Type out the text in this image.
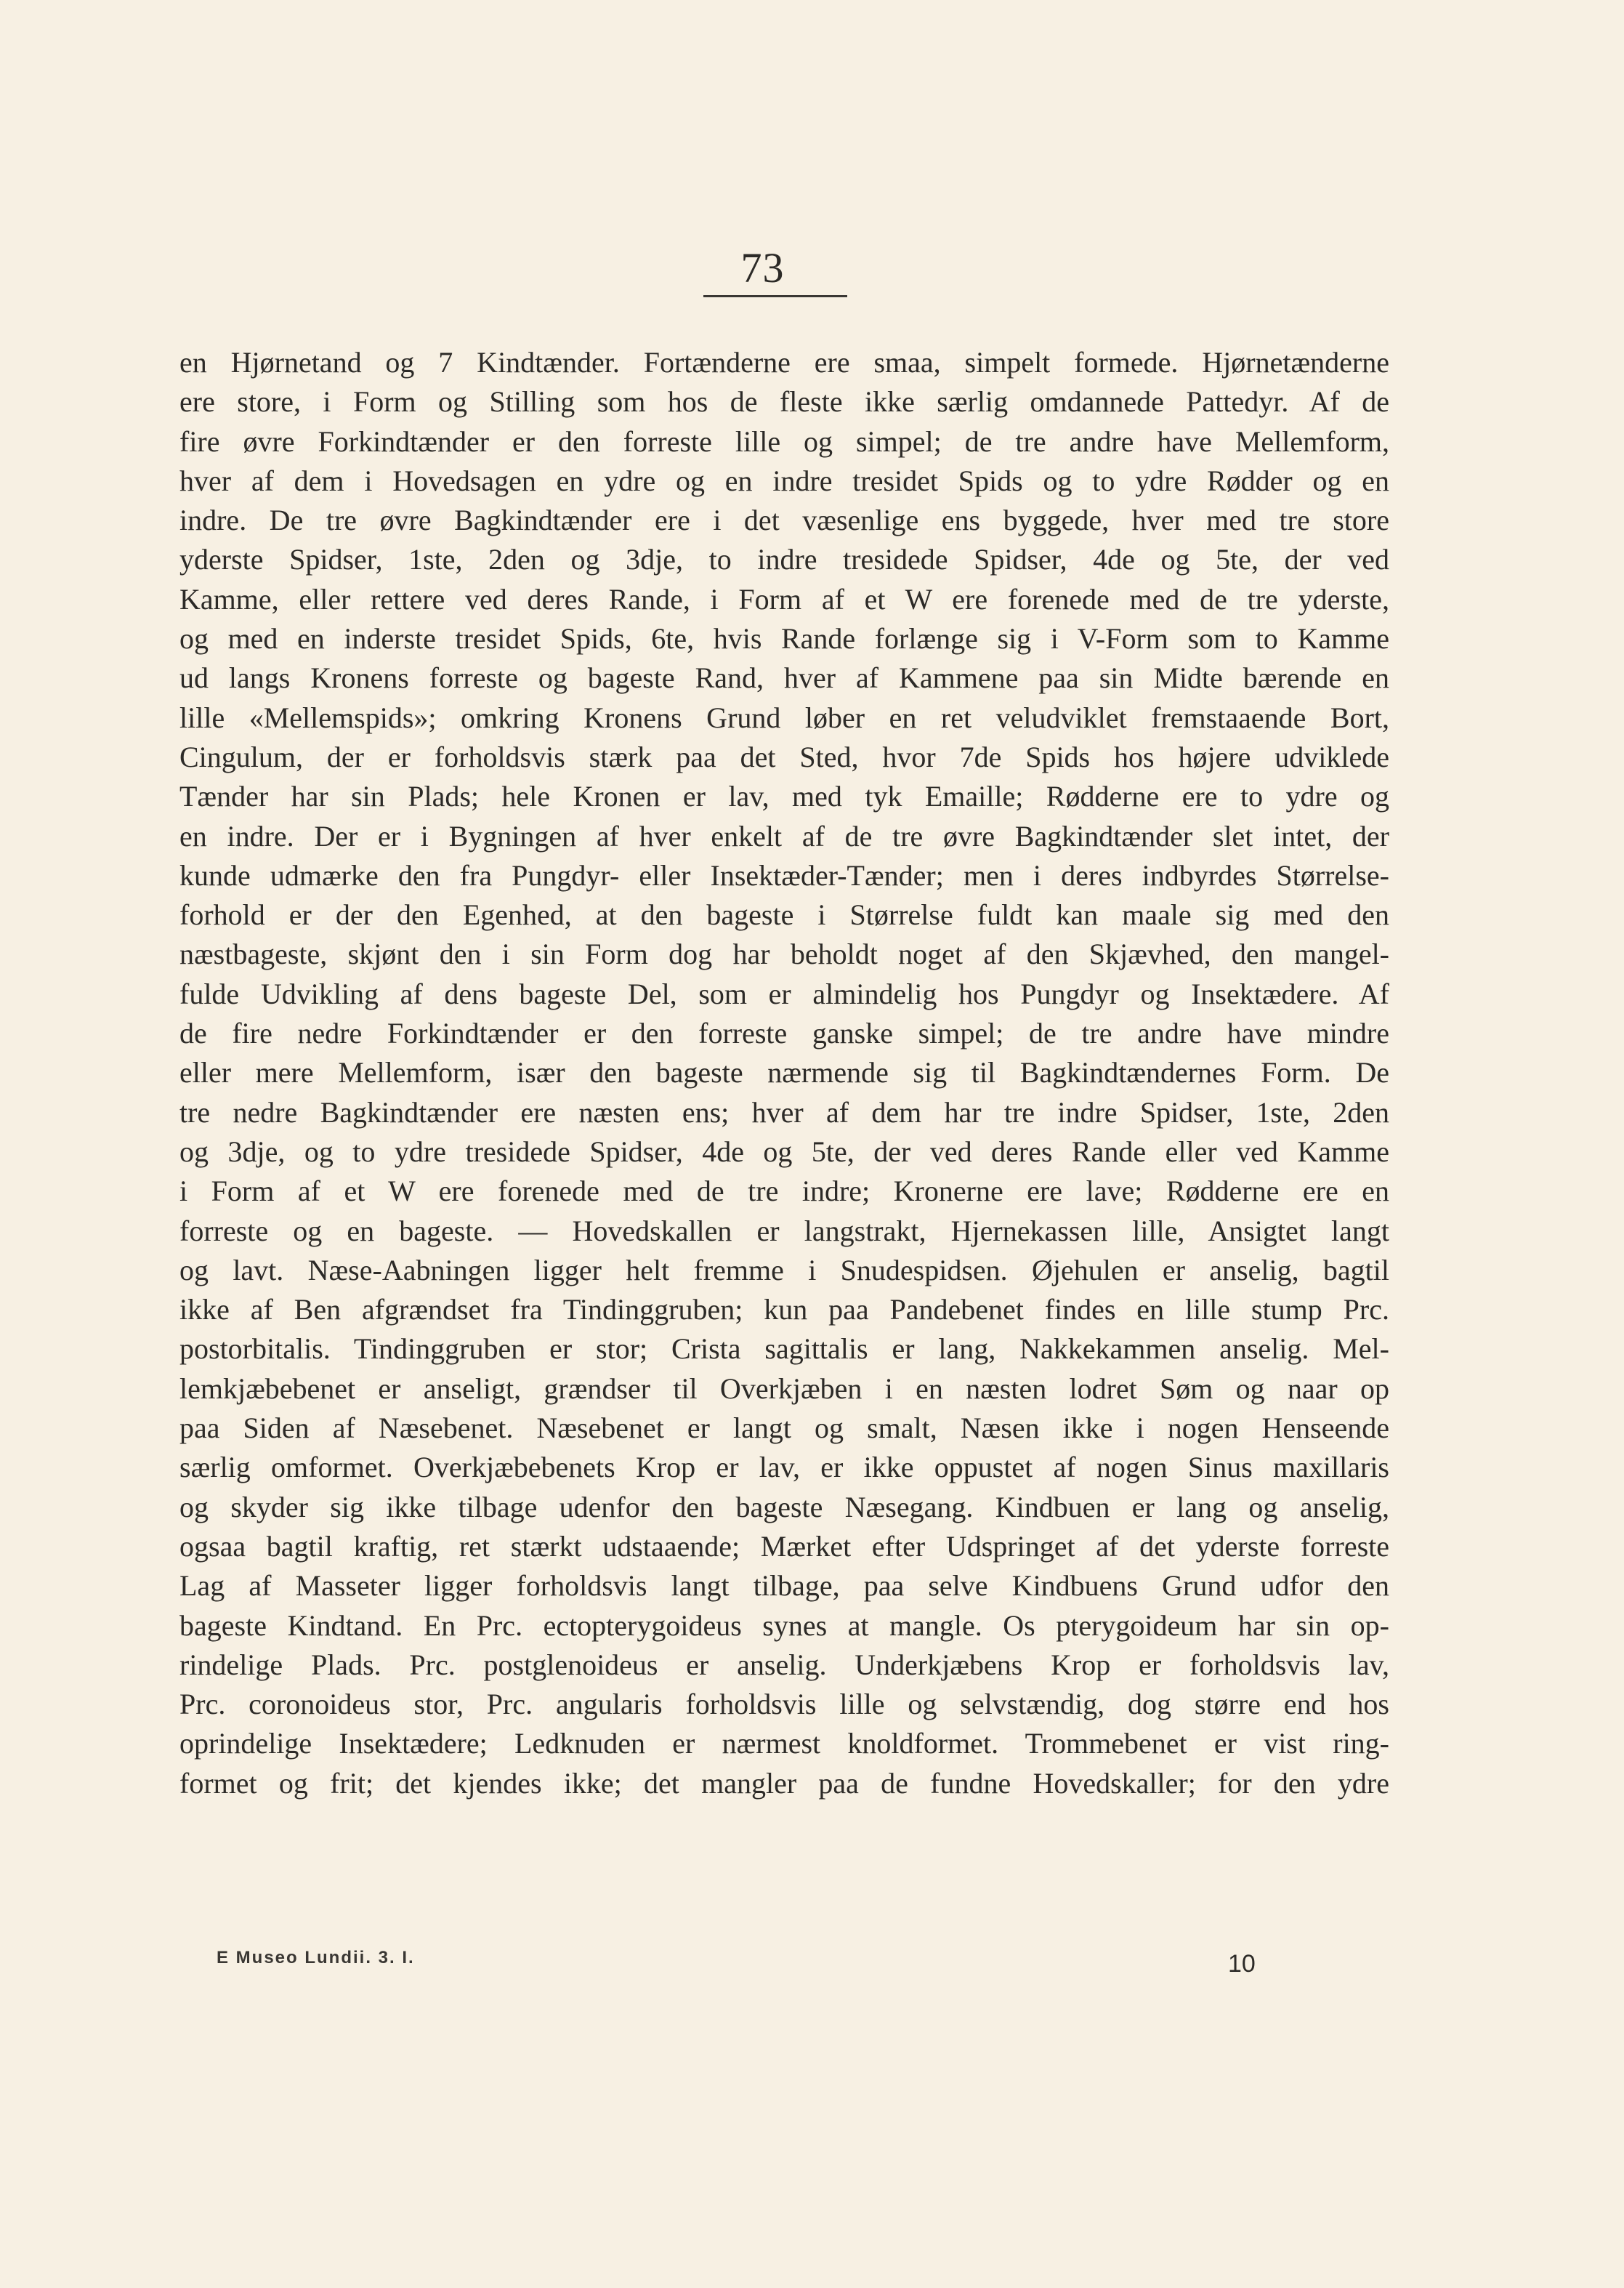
73
en Hjørnetand og 7 Kindtænder. Fortænderne ere smaa, simpelt formede. Hjørnetænderne
ere store, i Form og Stilling som hos de fleste ikke særlig omdannede Pattedyr. Af de
fire øvre Forkindtænder er den forreste lille og simpel; de tre andre have Mellemform,
hver af dem i Hovedsagen en ydre og en indre tresidet Spids og to ydre Rødder og en
indre. De tre øvre Bagkindtænder ere i det væsenlige ens byggede, hver med tre store
yderste Spidser, 1ste, 2den og 3dje, to indre tresidede Spidser, 4de og 5te, der ved
Kamme, eller rettere ved deres Rande, i Form af et W ere forenede med de tre yderste,
og med en inderste tresidet Spids, 6te, hvis Rande forlænge sig i V-Form som to Kamme
ud langs Kronens forreste og bageste Rand, hver af Kammene paa sin Midte bærende en
lille «Mellemspids»; omkring Kronens Grund løber en ret veludviklet fremstaaende Bort,
Cingulum, der er forholdsvis stærk paa det Sted, hvor 7de Spids hos højere udviklede
Tænder har sin Plads; hele Kronen er lav, med tyk Emaille; Rødderne ere to ydre og
en indre. Der er i Bygningen af hver enkelt af de tre øvre Bagkindtænder slet intet, der
kunde udmærke den fra Pungdyr- eller Insektæder-Tænder; men i deres indbyrdes Størrelse-
forhold er der den Egenhed, at den bageste i Størrelse fuldt kan maale sig med den
næstbageste, skjønt den i sin Form dog har beholdt noget af den Skjævhed, den mangel-
fulde Udvikling af dens bageste Del, som er almindelig hos Pungdyr og Insektædere. Af
de fire nedre Forkindtænder er den forreste ganske simpel; de tre andre have mindre
eller mere Mellemform, især den bageste nærmende sig til Bagkindtændernes Form. De
tre nedre Bagkindtænder ere næsten ens; hver af dem har tre indre Spidser, 1ste, 2den
og 3dje, og to ydre tresidede Spidser, 4de og 5te, der ved deres Rande eller ved Kamme
i Form af et W ere forenede med de tre indre; Kronerne ere lave; Rødderne ere en
forreste og en bageste. — Hovedskallen er langstrakt, Hjernekassen lille, Ansigtet langt
og lavt. Næse-Aabningen ligger helt fremme i Snudespidsen. Øjehulen er anselig, bagtil
ikke af Ben afgrændset fra Tindinggruben; kun paa Pandebenet findes en lille stump Prc.
postorbitalis. Tindinggruben er stor; Crista sagittalis er lang, Nakkekammen anselig. Mel-
lemkjæbebenet er anseligt, grændser til Overkjæben i en næsten lodret Søm og naar op
paa Siden af Næsebenet. Næsebenet er langt og smalt, Næsen ikke i nogen Henseende
særlig omformet. Overkjæbebenets Krop er lav, er ikke oppustet af nogen Sinus maxillaris
og skyder sig ikke tilbage udenfor den bageste Næsegang. Kindbuen er lang og anselig,
ogsaa bagtil kraftig, ret stærkt udstaaende; Mærket efter Udspringet af det yderste forreste
Lag af Masseter ligger forholdsvis langt tilbage, paa selve Kindbuens Grund udfor den
bageste Kindtand. En Prc. ectopterygoideus synes at mangle. Os pterygoideum har sin op-
rindelige Plads. Prc. postglenoideus er anselig. Underkjæbens Krop er forholdsvis lav,
Prc. coronoideus stor, Prc. angularis forholdsvis lille og selvstændig, dog større end hos
oprindelige Insektædere; Ledknuden er nærmest knoldformet. Trommebenet er vist ring-
formet og frit; det kjendes ikke; det mangler paa de fundne Hovedskaller; for den ydre
E Museo Lundii. 3. I.	10
